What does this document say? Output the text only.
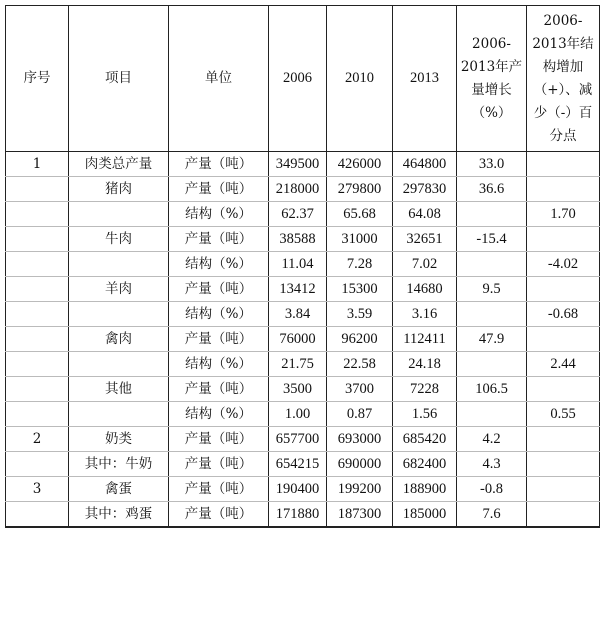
序号	项目	单位	2006	2010	2013	2006-2013年产量增长（%）	2006-2013年结构增加（+）、减少（-）百分点
1	肉类总产量	产量（吨）	349500	426000	464800	33.0	
	猪肉	产量（吨）	218000	279800	297830	36.6	
		结构（%）	62.37	65.68	64.08		1.70
	牛肉	产量（吨）	38588	31000	32651	-15.4	
		结构（%）	11.04	7.28	7.02		-4.02
	羊肉	产量（吨）	13412	15300	14680	9.5	
		结构（%）	3.84	3.59	3.16		-0.68
	禽肉	产量（吨）	76000	96200	112411	47.9	
		结构（%）	21.75	22.58	24.18		2.44
	其他	产量（吨）	3500	3700	7228	106.5	
		结构（%）	1.00	0.87	1.56		0.55
2	奶类	产量（吨）	657700	693000	685420	4.2	
	其中：牛奶	产量（吨）	654215	690000	682400	4.3	
3	禽蛋	产量（吨）	190400	199200	188900	-0.8	
	其中：鸡蛋	产量（吨）	171880	187300	185000	7.6	
